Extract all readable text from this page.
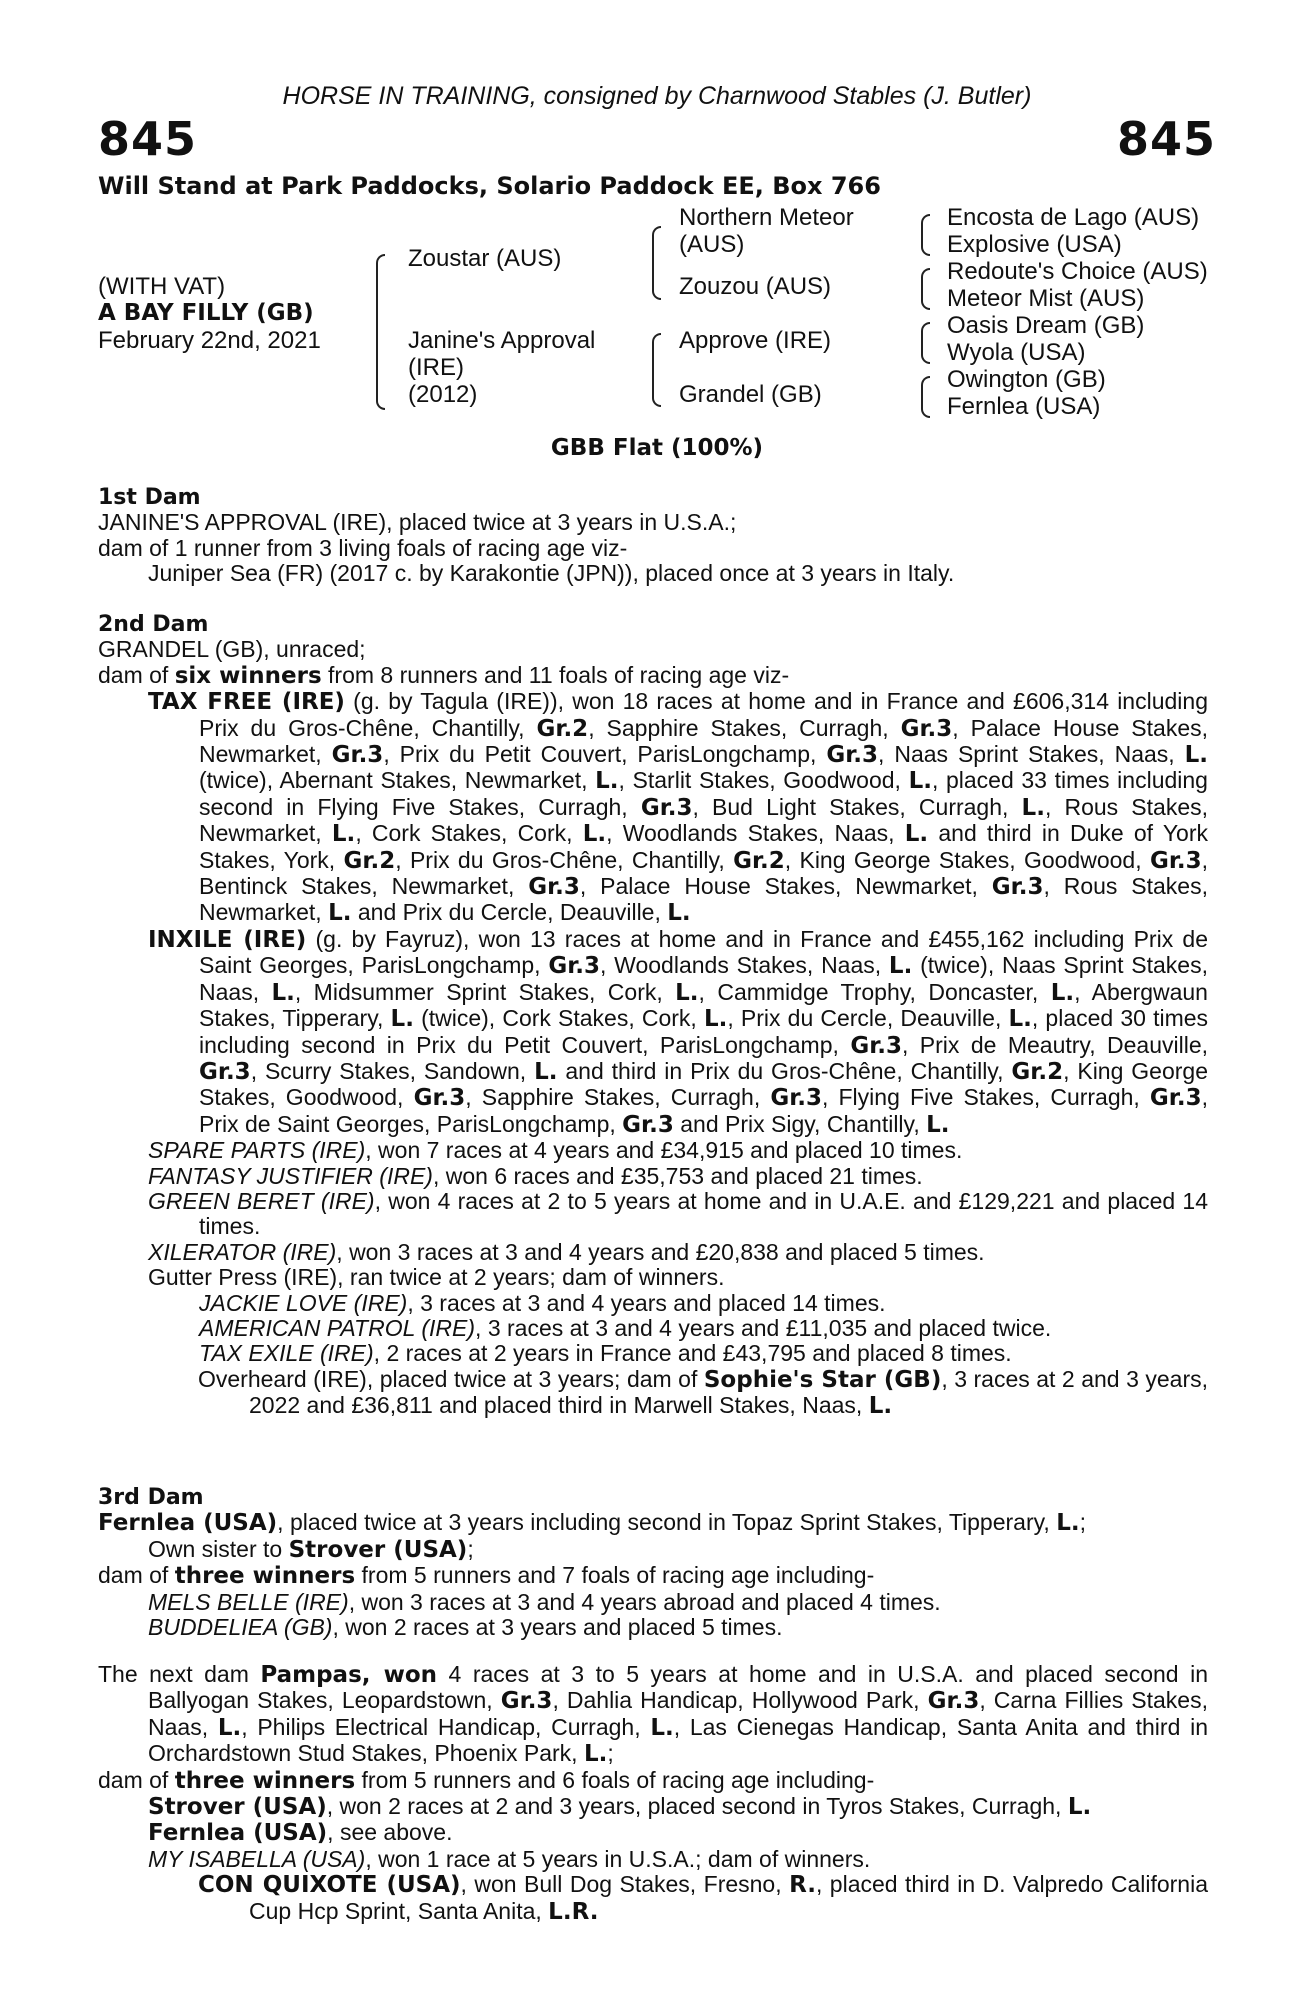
HORSE IN TRAINING, consigned by Charnwood Stables (J. Butler)
845	845
Will Stand at Park Paddocks, Solario Paddock EE, Box 766
(WITH VAT)
A BAY FILLY (GB)
February 22nd, 2021
Zoustar (AUS)
Janine's Approval
(IRE)
(2012)
Northern Meteor
(AUS)
Zouzou (AUS)
Approve (IRE)
Grandel (GB)
Encosta de Lago (AUS)
Explosive (USA)
Redoute's Choice (AUS)
Meteor Mist (AUS)
Oasis Dream (GB)
Wyola (USA)
Owington (GB)
Fernlea (USA)
GBB Flat (100%)

1st Dam

JANINE'S APPROVAL (IRE), placed twice at 3 years in U.S.A.;

dam of 1 runner from 3 living foals of racing age viz-

Juniper Sea (FR) (2017 c. by Karakontie (JPN)), placed once at 3 years in Italy.

2nd Dam

GRANDEL (GB), unraced;

dam of six winners from 8 runners and 11 foals of racing age viz-

TAX FREE (IRE) (g. by Tagula (IRE)), won 18 races at home and in France and £606,314 including Prix du Gros-Chêne, Chantilly, Gr.2, Sapphire Stakes, Curragh, Gr.3, Palace House Stakes, Newmarket, Gr.3, Prix du Petit Couvert, ParisLongchamp, Gr.3, Naas Sprint Stakes, Naas, L. (twice), Abernant Stakes, Newmarket, L., Starlit Stakes, Goodwood, L., placed 33 times including second in Flying Five Stakes, Curragh, Gr.3, Bud Light Stakes, Curragh, L., Rous Stakes, Newmarket, L., Cork Stakes, Cork, L., Woodlands Stakes, Naas, L. and third in Duke of York Stakes, York, Gr.2, Prix du Gros-Chêne, Chantilly, Gr.2, King George Stakes, Goodwood, Gr.3, Bentinck Stakes, Newmarket, Gr.3, Palace House Stakes, Newmarket, Gr.3, Rous Stakes, Newmarket, L. and Prix du Cercle, Deauville, L.

INXILE (IRE) (g. by Fayruz), won 13 races at home and in France and £455,162 including Prix de Saint Georges, ParisLongchamp, Gr.3, Woodlands Stakes, Naas, L. (twice), Naas Sprint Stakes, Naas, L., Midsummer Sprint Stakes, Cork, L., Cammidge Trophy, Doncaster, L., Abergwaun Stakes, Tipperary, L. (twice), Cork Stakes, Cork, L., Prix du Cercle, Deauville, L., placed 30 times including second in Prix du Petit Couvert, ParisLongchamp, Gr.3, Prix de Meautry, Deauville, Gr.3, Scurry Stakes, Sandown, L. and third in Prix du Gros-Chêne, Chantilly, Gr.2, King George Stakes, Goodwood, Gr.3, Sapphire Stakes, Curragh, Gr.3, Flying Five Stakes, Curragh, Gr.3, Prix de Saint Georges, ParisLongchamp, Gr.3 and Prix Sigy, Chantilly, L.

SPARE PARTS (IRE), won 7 races at 4 years and £34,915 and placed 10 times.

FANTASY JUSTIFIER (IRE), won 6 races and £35,753 and placed 21 times.

GREEN BERET (IRE), won 4 races at 2 to 5 years at home and in U.A.E. and £129,221 and placed 14 times.

XILERATOR (IRE), won 3 races at 3 and 4 years and £20,838 and placed 5 times.

Gutter Press (IRE), ran twice at 2 years; dam of winners.

JACKIE LOVE (IRE), 3 races at 3 and 4 years and placed 14 times.

AMERICAN PATROL (IRE), 3 races at 3 and 4 years and £11,035 and placed twice.

TAX EXILE (IRE), 2 races at 2 years in France and £43,795 and placed 8 times.

Overheard (IRE), placed twice at 3 years; dam of Sophie's Star (GB), 3 races at 2 and 3 years, 2022 and £36,811 and placed third in Marwell Stakes, Naas, L.

3rd Dam

Fernlea (USA), placed twice at 3 years including second in Topaz Sprint Stakes, Tipperary, L.;

Own sister to Strover (USA);

dam of three winners from 5 runners and 7 foals of racing age including-

MELS BELLE (IRE), won 3 races at 3 and 4 years abroad and placed 4 times.

BUDDELIEA (GB), won 2 races at 3 years and placed 5 times.

The next dam Pampas, won 4 races at 3 to 5 years at home and in U.S.A. and placed second in Ballyogan Stakes, Leopardstown, Gr.3, Dahlia Handicap, Hollywood Park, Gr.3, Carna Fillies Stakes, Naas, L., Philips Electrical Handicap, Curragh, L., Las Cienegas Handicap, Santa Anita and third in Orchardstown Stud Stakes, Phoenix Park, L.;

dam of three winners from 5 runners and 6 foals of racing age including-

Strover (USA), won 2 races at 2 and 3 years, placed second in Tyros Stakes, Curragh, L.

Fernlea (USA), see above.

MY ISABELLA (USA), won 1 race at 5 years in U.S.A.; dam of winners.

CON QUIXOTE (USA), won Bull Dog Stakes, Fresno, R., placed third in D. Valpredo California Cup Hcp Sprint, Santa Anita, L.R.
